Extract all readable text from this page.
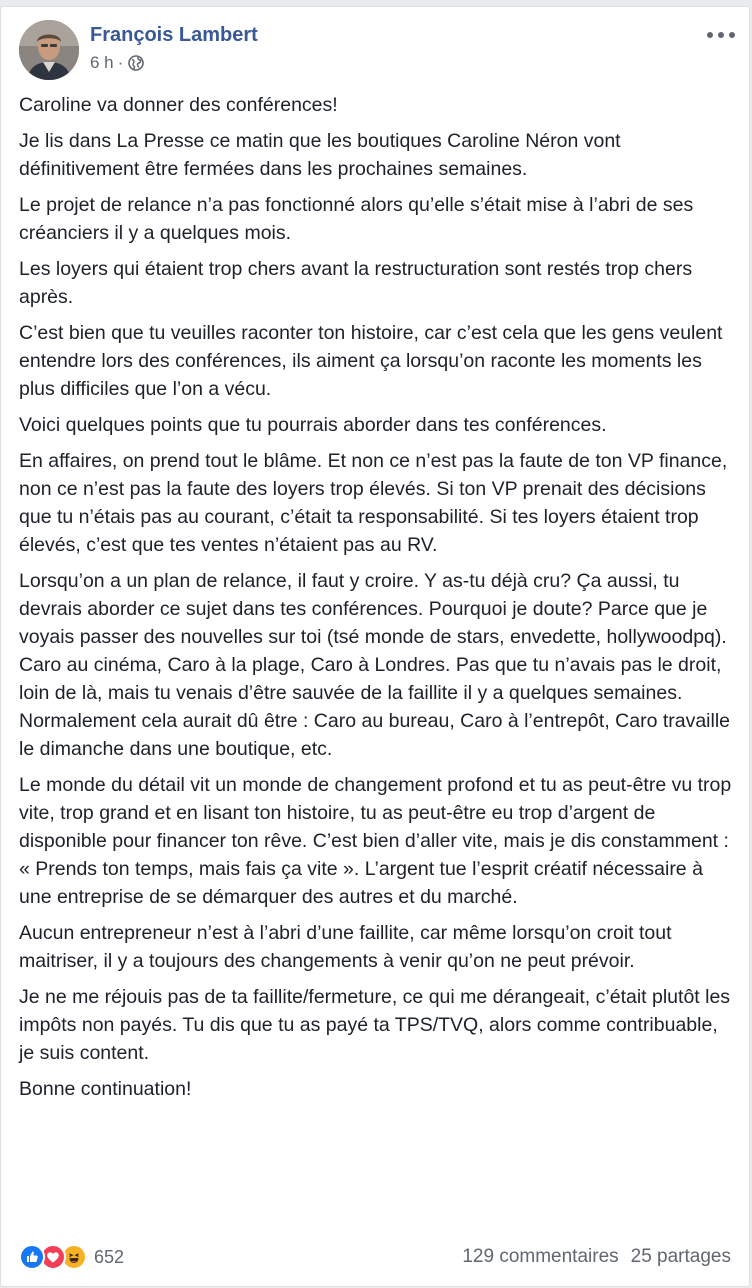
François Lambert
6 h ·

Caroline va donner des conférences!

Je lis dans La Presse ce matin que les boutiques Caroline Néron vont définitivement être fermées dans les prochaines semaines.

Le projet de relance n’a pas fonctionné alors qu’elle s’était mise à l’abri de ses créanciers il y a quelques mois.

Les loyers qui étaient trop chers avant la restructuration sont restés trop chers après.

C’est bien que tu veuilles raconter ton histoire, car c’est cela que les gens veulent entendre lors des conférences, ils aiment ça lorsqu’on raconte les moments les plus difficiles que l’on a vécu.

Voici quelques points que tu pourrais aborder dans tes conférences.

En affaires, on prend tout le blâme. Et non ce n’est pas la faute de ton VP finance, non ce n’est pas la faute des loyers trop élevés. Si ton VP prenait des décisions que tu n’étais pas au courant, c’était ta responsabilité. Si tes loyers étaient trop élevés, c’est que tes ventes n’étaient pas au RV.

Lorsqu’on a un plan de relance, il faut y croire. Y as-tu déjà cru? Ça aussi, tu devrais aborder ce sujet dans tes conférences. Pourquoi je doute? Parce que je voyais passer des nouvelles sur toi (tsé monde de stars, envedette, hollywoodpq). Caro au cinéma, Caro à la plage, Caro à Londres. Pas que tu n’avais pas le droit, loin de là, mais tu venais d’être sauvée de la faillite il y a quelques semaines. Normalement cela aurait dû être : Caro au bureau, Caro à l’entrepôt, Caro travaille le dimanche dans une boutique, etc.

Le monde du détail vit un monde de changement profond et tu as peut-être vu trop vite, trop grand et en lisant ton histoire, tu as peut-être eu trop d’argent de disponible pour financer ton rêve. C’est bien d’aller vite, mais je dis constamment : « Prends ton temps, mais fais ça vite ». L’argent tue l’esprit créatif nécessaire à une entreprise de se démarquer des autres et du marché.

Aucun entrepreneur n’est à l’abri d’une faillite, car même lorsqu’on croit tout maitriser, il y a toujours des changements à venir qu’on ne peut prévoir.

Je ne me réjouis pas de ta faillite/fermeture, ce qui me dérangeait, c’était plutôt les impôts non payés. Tu dis que tu as payé ta TPS/TVQ, alors comme contribuable, je suis content.

Bonne continuation!

652	129 commentaires 25 partages
